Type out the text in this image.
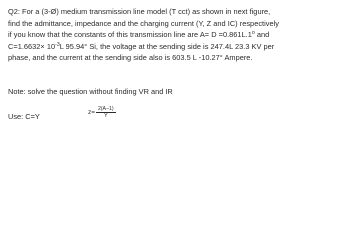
Q2: For a (3-Ø) medium transmission line model (T cct) as shown in next figure,
find the admittance, impedance and the charging current (Y, Z and IC) respectively
if you know that the constants of this transmission line are $A= D =0.861L.1^o$ and
$C=1.6632\times 10^{-3}L$ 95.94° Si, the voltage at the sending side is 247.4L 23.3 KV per
phase, and the current at the sending side also is 603.5 L -10.27° Ampere.
Note: solve the question without finding VR and IR
Use: C=Y	$z= \frac{2(A-1)}{Y}$
